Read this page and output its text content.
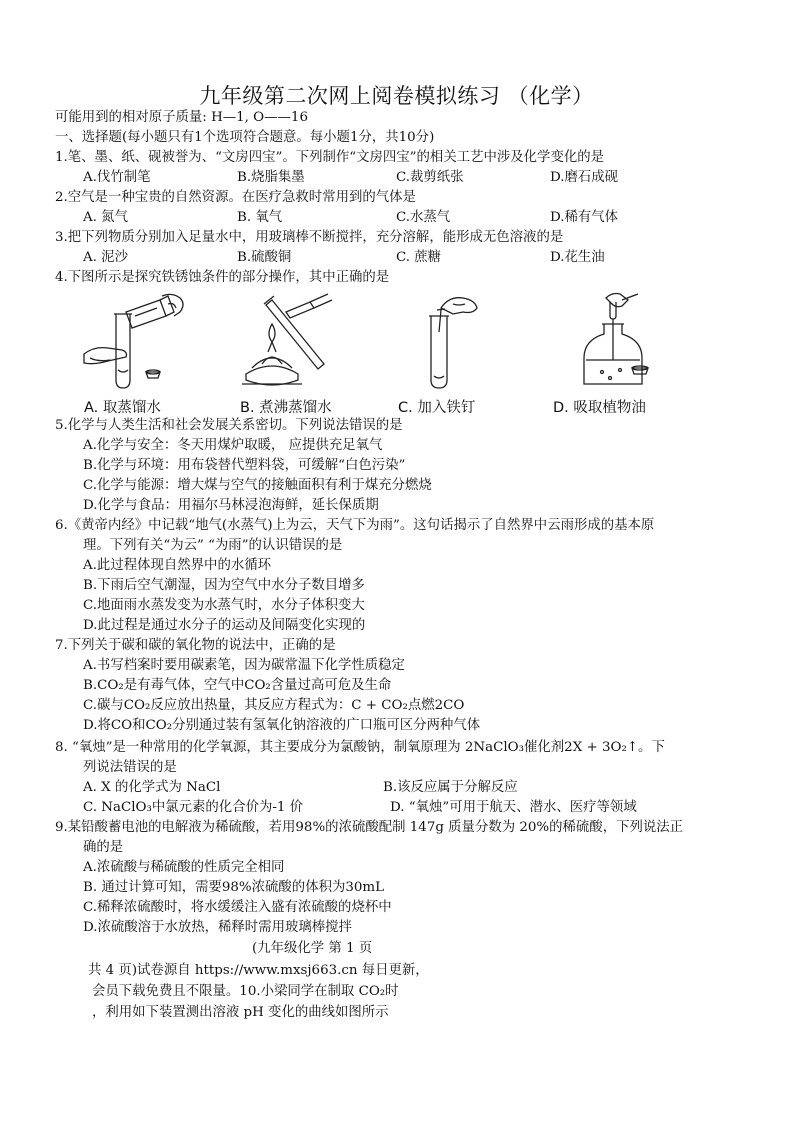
九年级第二次网上阅卷模拟练习 （化学）
可能用到的相对原子质量: H—1, O——16
一、选择题(每小题只有1个选项符合题意。每小题1分，共10分)
1.笔、墨、纸、砚被誉为、“文房四宝”。下列制作“文房四宝”的相关工艺中涉及化学变化的是
A.伐竹制笔	B.烧脂集墨	C.裁剪纸张	D.磨石成砚
2.空气是一种宝贵的自然资源。在医疗急救时常用到的气体是
A. 氮气	B. 氧气	C.水蒸气	D.稀有气体
3.把下列物质分别加入足量水中，用玻璃棒不断搅拌，充分溶解，能形成无色溶液的是
A. 泥沙	B.硫酸铜	C. 蔗糖	D.花生油
4.下图所示是探究铁锈蚀条件的部分操作，其中正确的是
A. 取蒸馏水	B. 煮沸蒸馏水	C. 加入铁钉	D. 吸取植物油
5.化学与人类生活和社会发展关系密切。下列说法错误的是
A.化学与安全：冬天用煤炉取暖， 应提供充足氧气
B.化学与环境：用布袋替代塑料袋，可缓解“白色污染”
C.化学与能源：增大煤与空气的接触面积有利于煤充分燃烧
D.化学与食品：用福尔马林浸泡海鲜，延长保质期
6.《黄帝内经》中记载“地气(水蒸气)上为云，天气下为雨”。这句话揭示了自然界中云雨形成的基本原
理。下列有关“为云” “为雨”的认识错误的是
A.此过程体现自然界中的水循环
B.下雨后空气潮湿，因为空气中水分子数目增多
C.地面雨水蒸发变为水蒸气时，水分子体积变大
D.此过程是通过水分子的运动及间隔变化实现的
7.下列关于碳和碳的氧化物的说法中，正确的是
A.书写档案时要用碳素笔，因为碳常温下化学性质稳定
B.CO₂是有毒气体，空气中CO₂含量过高可危及生命
C.碳与CO₂反应放出热量，其反应方程式为：C + CO₂点燃2CO
D.将CO和CO₂分别通过装有氢氧化钠溶液的广口瓶可区分两种气体
8. “氧烛”是一种常用的化学氧源，其主要成分为氯酸钠，制氧原理为 2NaClO₃催化剂2X + 3O₂↑。下
列说法错误的是
A. X 的化学式为 NaCl	B.该反应属于分解反应
C. NaClO₃中氯元素的化合价为-1 价	D. “氧烛”可用于航天、潜水、医疗等领域
9.某铅酸蓄电池的电解液为稀硫酸，若用98%的浓硫酸配制 147g 质量分数为 20%的稀硫酸，下列说法正
确的是
A.浓硫酸与稀硫酸的性质完全相同
B. 通过计算可知，需要98%浓硫酸的体积为30mL
C.稀释浓硫酸时，将水缓缓注入盛有浓硫酸的烧杯中
D.浓硫酸溶于水放热，稀释时需用玻璃棒搅拌
(九年级化学 第 1 页
共 4 页)试卷源自 https://www.mxsj663.cn 每日更新，
会员下载免费且不限量。10.小梁同学在制取 CO₂时
，利用如下装置测出溶液 pH 变化的曲线如图所示
